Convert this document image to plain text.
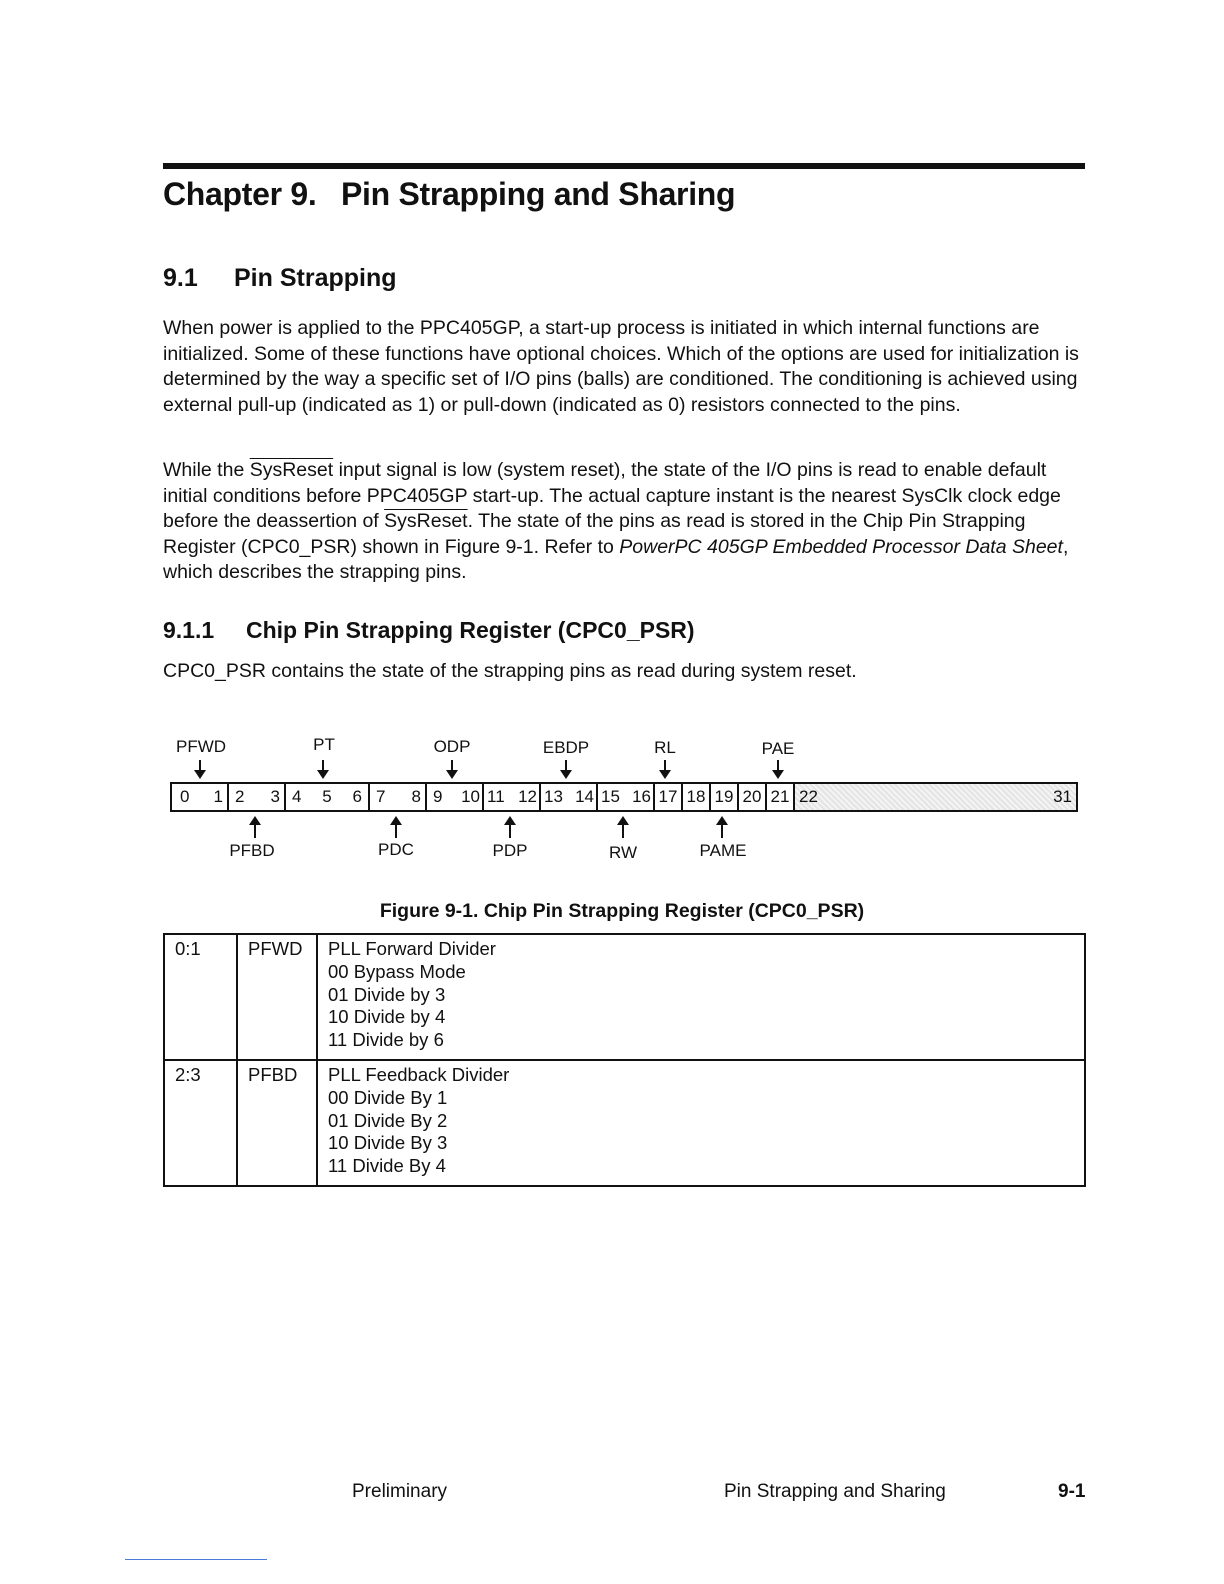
Chapter 9. Pin Strapping and Sharing
9.1 Pin Strapping

When power is applied to the PPC405GP, a start-up process is initiated in which internal functions are initialized. Some of these functions have optional choices. Which of the options are used for initialization is determined by the way a specific set of I/O pins (balls) are conditioned. The conditioning is achieved using external pull-up (indicated as 1) or pull-down (indicated as 0) resistors connected to the pins.

While the SysReset input signal is low (system reset), the state of the I/O pins is read to enable default initial conditions before PPC405GP start-up. The actual capture instant is the nearest SysClk clock edge before the deassertion of SysReset. The state of the pins as read is stored in the Chip Pin Strapping Register (CPC0_PSR) shown in Figure 9-1. Refer to PowerPC 405GP Embedded Processor Data Sheet, which describes the strapping pins.

9.1.1 Chip Pin Strapping Register (CPC0_PSR)

CPC0_PSR contains the state of the strapping pins as read during system reset.

PFWD	PT	ODP	EBDP	RL	PAE
0 1 2 3 4	5	6 7 8 9 10 11 12 13 14 15 16 17 18 19 20 21 22	31
PFBD	PDC	PDP	RW	PAME

Figure 9-1. Chip Pin Strapping Register (CPC0_PSR)

0:1	PFWD	PLL Forward Divider
00 Bypass Mode
01 Divide by 3
10 Divide by 4
11 Divide by 6

2:3	PFBD	PLL Feedback Divider
00 Divide By 1
01 Divide By 2
10 Divide By 3
11 Divide By 4
Preliminary	Pin Strapping and Sharing	9-1
